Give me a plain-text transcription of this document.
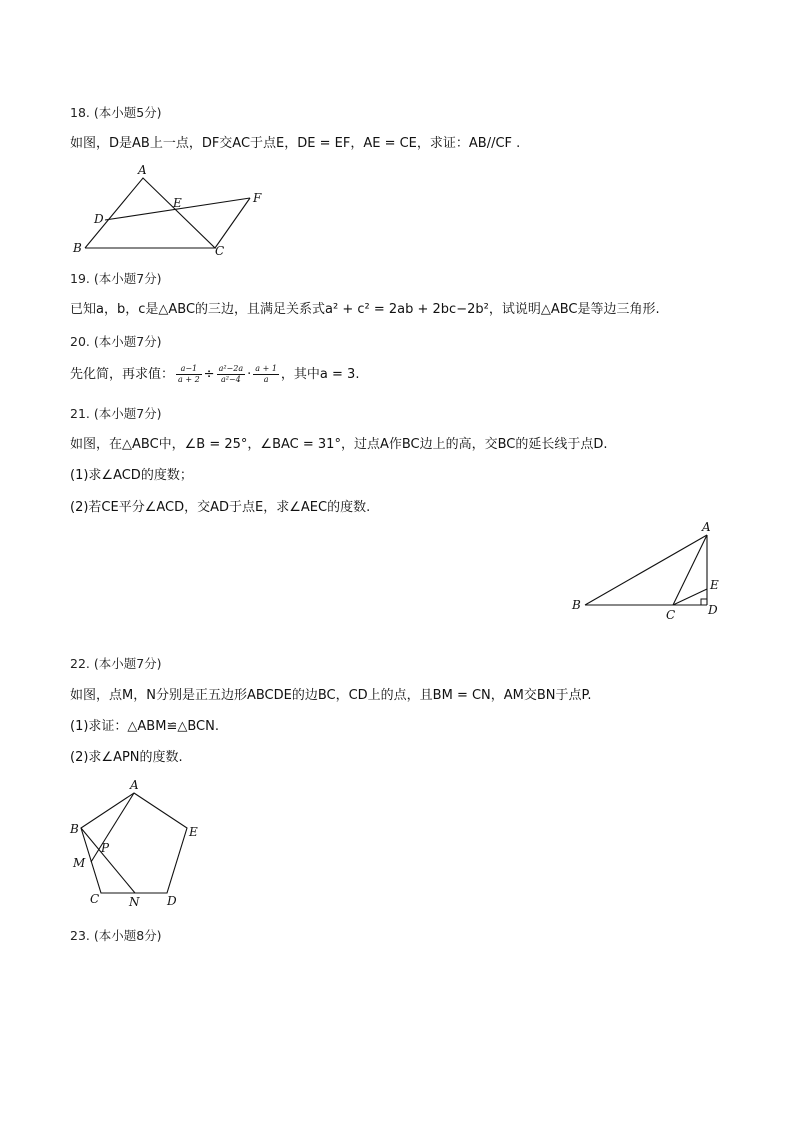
18. (本小题5分)
如图，D是AB上一点，DF交AC于点E，DE = EF，AE = CE，求证：AB//CF .
A
B	C
D
E	F
19. (本小题7分)
已知a，b，c是△ABC的三边，且满足关系式a² + c² = 2ab + 2bc−2b²，试说明△ABC是等边三角形.
20. (本小题7分)
先化简，再求值： $\frac{a-1}{a + 2} \div \frac{\text{a²−2a}}{\text{a²−4}} \cdot \frac{a + 1}{a}$ ，其中a = 3.
21. (本小题7分)
如图，在△ABC中，∠B = 25°，∠BAC = 31°，过点A作BC边上的高，交BC的延长线于点D.
(1)求∠ACD的度数；
(2)若CE平分∠ACD，交AD于点E，求∠AEC的度数.
A
B
C	D
E
22. (本小题7分)
如图，点M，N分别是正五边形ABCDE的边BC，CD上的点，且BM = CN，AM交BN于点P.
(1)求证：△ABM≌△BCN.
(2)求∠APN的度数.
A
B
C	D
E
M
N
P
23. (本小题8分)
